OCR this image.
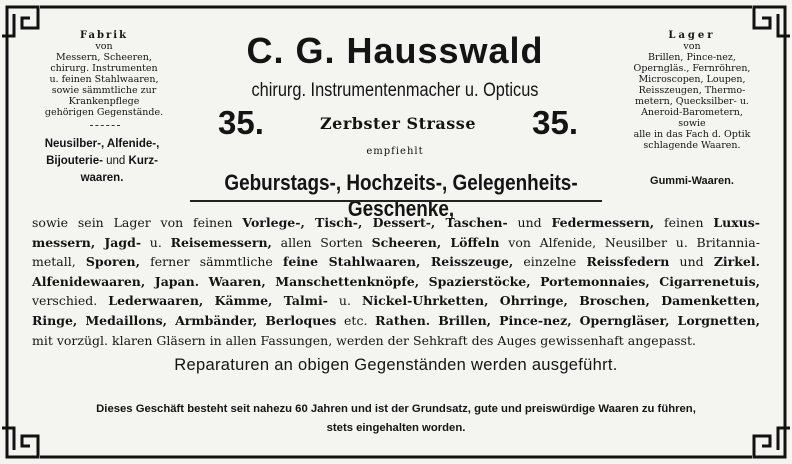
Fabrik
von
Messern, Scheeren,
chirurg. Instrumenten
u. feinen Stahlwaaren,
sowie sämmtliche zur
Krankenpflege
gehörigen Gegenstände.
Neusilber-, Alfenide-,
Bijouterie- und Kurz-
waaren.
C. G. Hausswald
chirurg. Instrumentenmacher u. Opticus
35.	Zerbster Strasse	35.
empfiehlt
Geburstags-, Hochzeits-, Gelegenheits-Geschenke,
Lager
von
Brillen, Pince-nez,
Operngläs., Fernröhren,
Microscopen, Loupen,
Reisszeugen, Thermo-
metern, Quecksilber- u.
Aneroid-Barometern,
sowie
alle in das Fach d. Optik
schlagende Waaren.
Gummi-Waaren.
sowie sein Lager von feinen Vorlege-, Tisch-, Dessert-, Taschen- und Federmessern, feinen Luxus-
messern, Jagd- u. Reisemessern, allen Sorten Scheeren, Löffeln von Alfenide, Neusilber u. Britannia-
metall, Sporen, ferner sämmtliche feine Stahlwaaren, Reisszeuge, einzelne Reissfedern und Zirkel.
Alfenidewaaren, Japan. Waaren, Manschettenknöpfe, Spazierstöcke, Portemonnaies, Cigarrenetuis,
verschied. Lederwaaren, Kämme, Talmi- u. Nickel-Uhrketten, Ohrringe, Broschen, Damenketten,
Ringe, Medaillons, Armbänder, Berloques etc. Rathen. Brillen, Pince-nez, Operngläser, Lorgnetten,
mit vorzügl. klaren Gläsern in allen Fassungen, werden der Sehkraft des Auges gewissenhaft angepasst.
Reparaturen an obigen Gegenständen werden ausgeführt.
Dieses Geschäft besteht seit nahezu 60 Jahren und ist der Grundsatz, gute und preiswürdige Waaren zu führen,
stets eingehalten worden.
